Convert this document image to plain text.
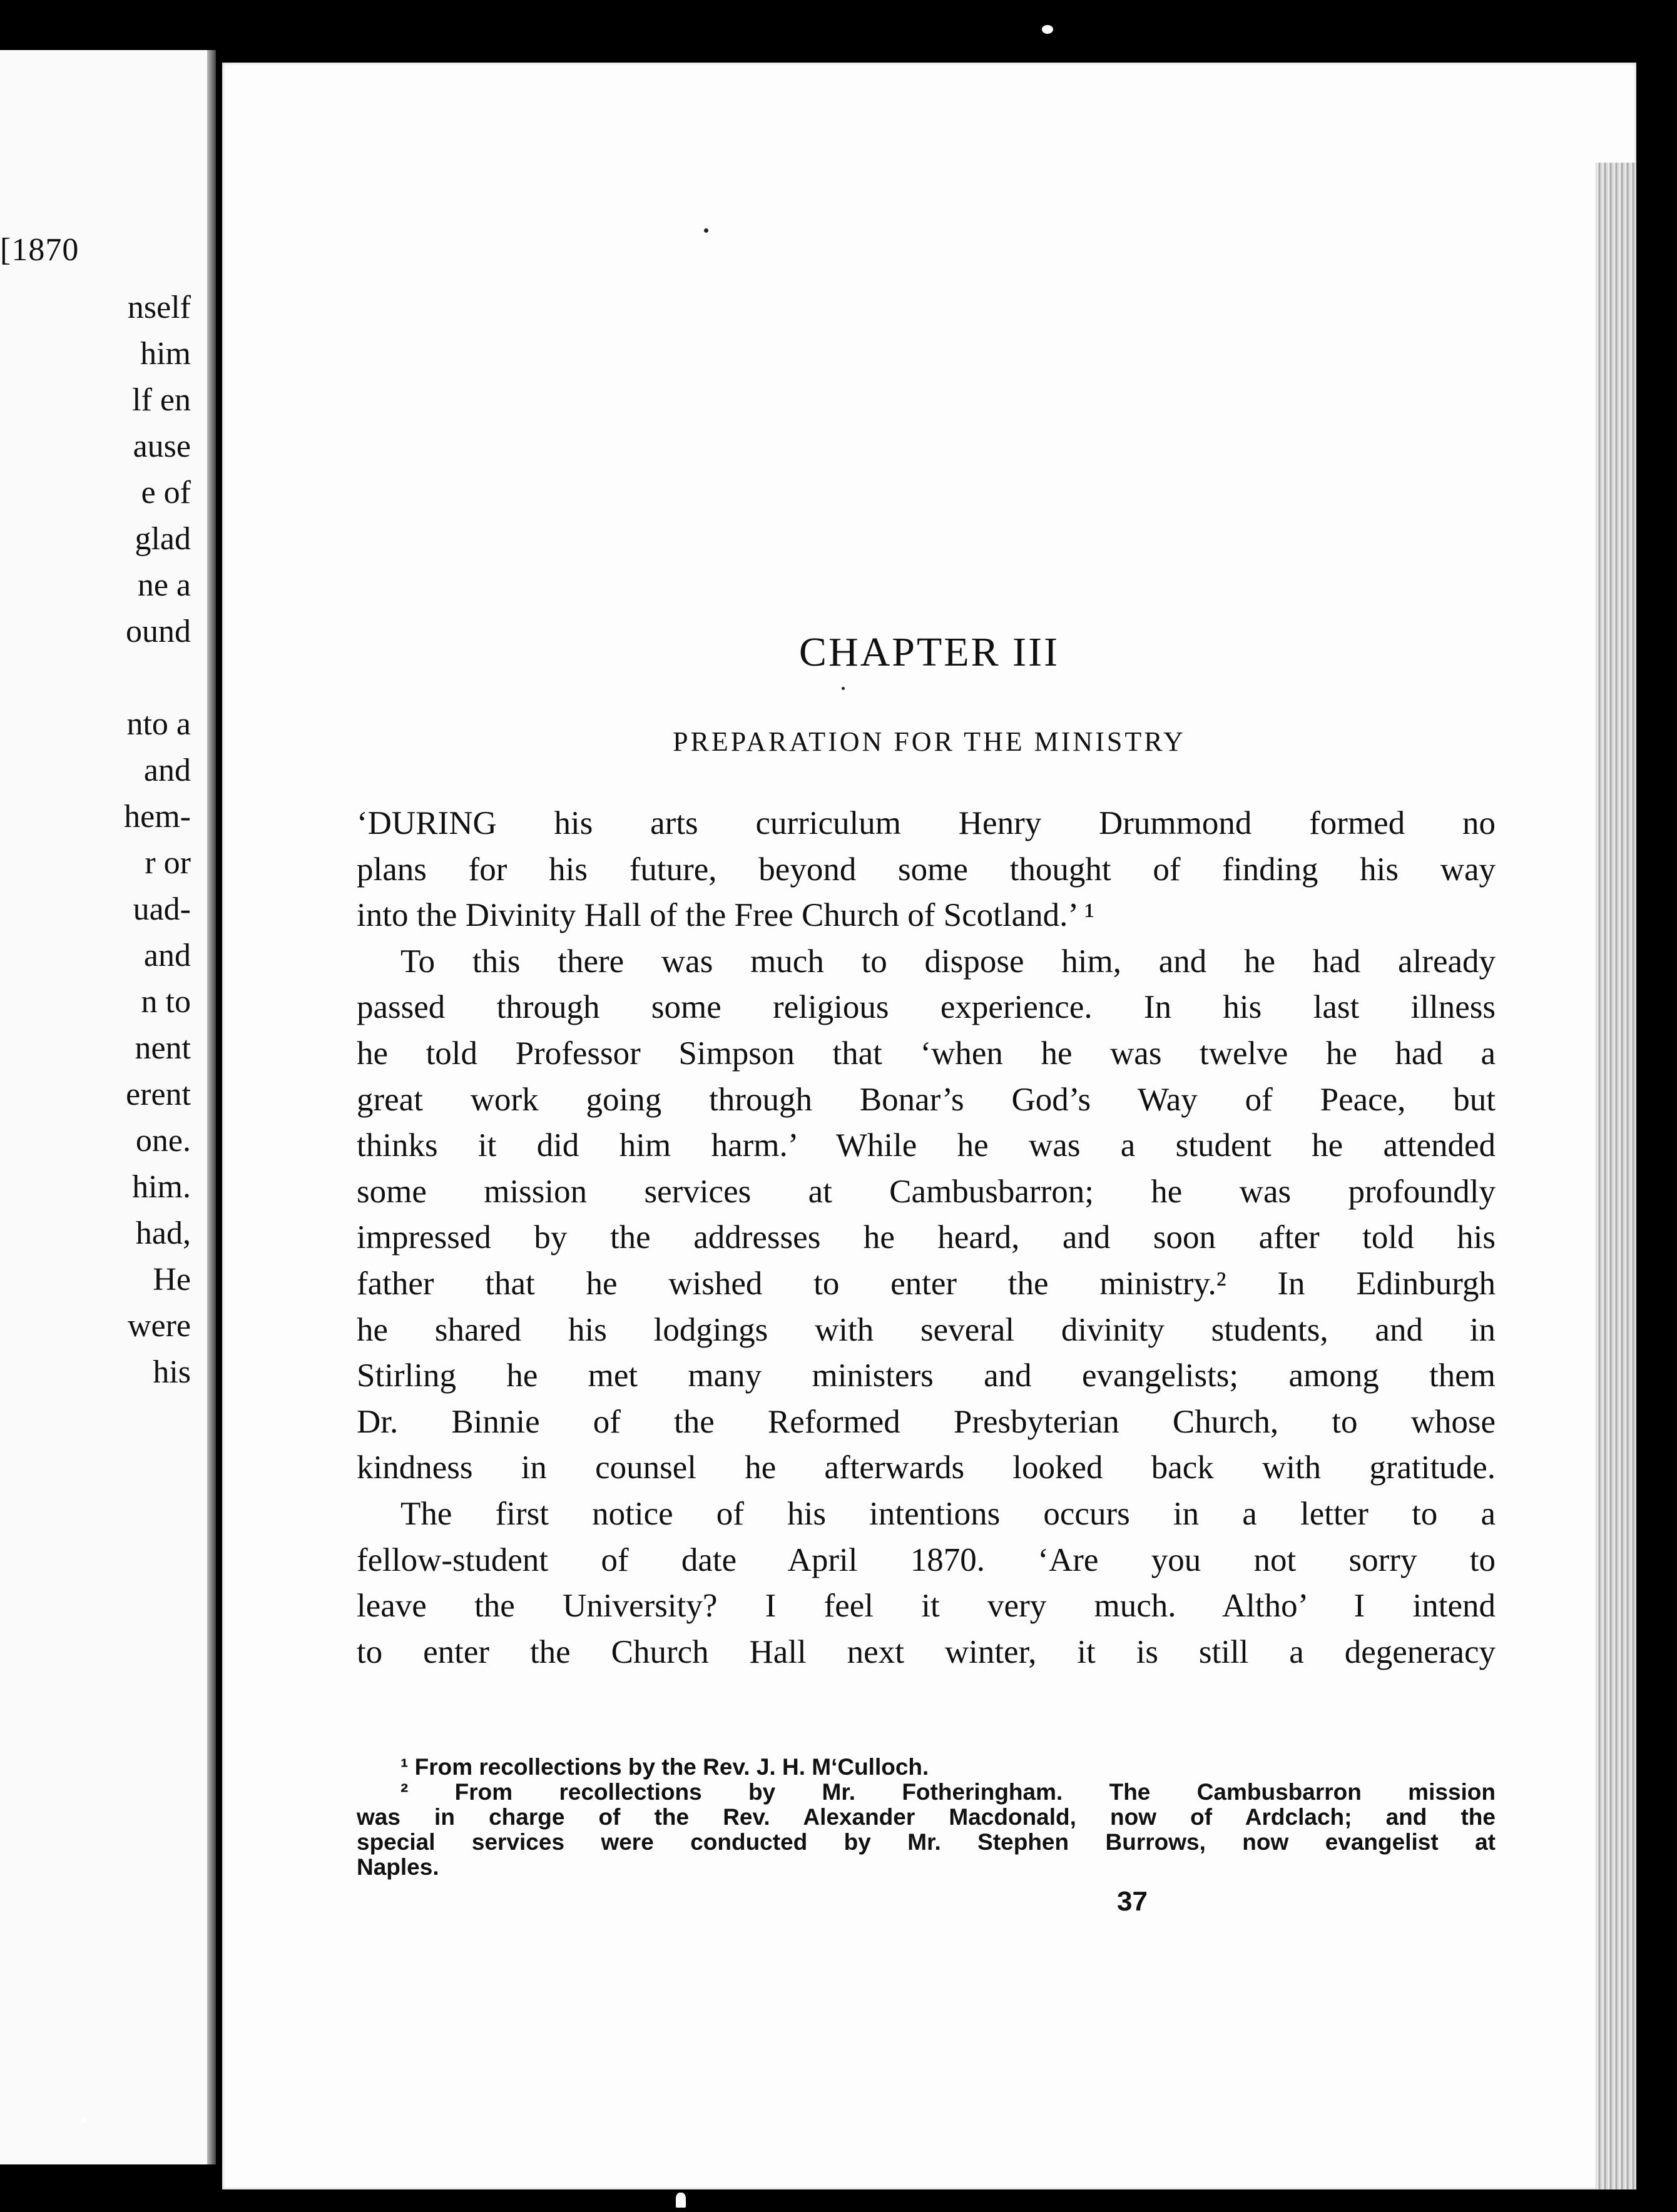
[1870
nself
him
lf en
ause
e of
glad
ne a
ound
nto a
and
hem-
r or
uad-
and
n to
nent
erent
one.
him.
had,
He
were
his
CHAPTER III
PREPARATION FOR THE MINISTRY
‘DURING his arts curriculum Henry Drummond formed no
plans for his future, beyond some thought of finding his way
into the Divinity Hall of the Free Church of Scotland.’ ¹
To this there was much to dispose him, and he had already
passed through some religious experience. In his last illness
he told Professor Simpson that ‘when he was twelve he had a
great work going through Bonar’s God’s Way of Peace, but
thinks it did him harm.’ While he was a student he attended
some mission services at Cambusbarron; he was profoundly
impressed by the addresses he heard, and soon after told his
father that he wished to enter the ministry.² In Edinburgh
he shared his lodgings with several divinity students, and in
Stirling he met many ministers and evangelists; among them
Dr. Binnie of the Reformed Presbyterian Church, to whose
kindness in counsel he afterwards looked back with gratitude.
The first notice of his intentions occurs in a letter to a
fellow-student of date April 1870. ‘Are you not sorry to
leave the University? I feel it very much. Altho’ I intend
to enter the Church Hall next winter, it is still a degeneracy
¹ From recollections by the Rev. J. H. M‘Culloch.
² From recollections by Mr. Fotheringham. The Cambusbarron mission
was in charge of the Rev. Alexander Macdonald, now of Ardclach; and the
special services were conducted by Mr. Stephen Burrows, now evangelist at
Naples.
37
